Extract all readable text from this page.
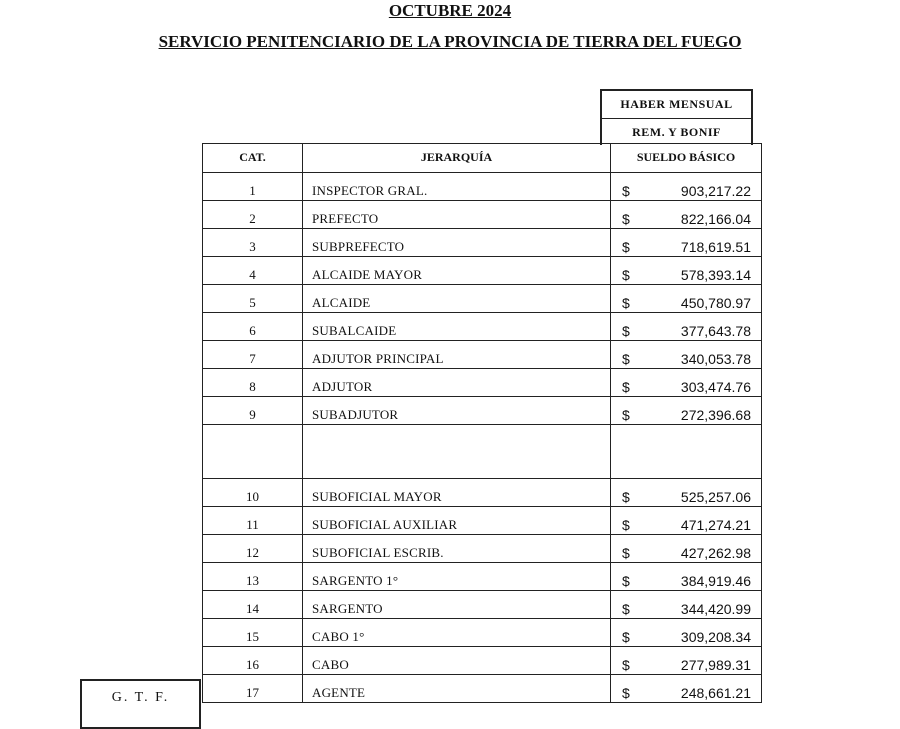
OCTUBRE 2024
SERVICIO PENITENCIARIO DE LA PROVINCIA DE TIERRA DEL FUEGO
HABER MENSUAL
REM. Y BONIF
CAT.	JERARQUÍA	SUELDO BÁSICO
1	INSPECTOR GRAL.	$ 903,217.22

2	PREFECTO	$ 822,166.04

3	SUBPREFECTO	$ 718,619.51

4	ALCAIDE MAYOR	$ 578,393.14

5	ALCAIDE	$ 450,780.97

6	SUBALCAIDE	$ 377,643.78

7	ADJUTOR PRINCIPAL	$ 340,053.78

8	ADJUTOR	$ 303,474.76

9	SUBADJUTOR	$ 272,396.68

10	SUBOFICIAL MAYOR	$ 525,257.06

11	SUBOFICIAL AUXILIAR	$ 471,274.21

12	SUBOFICIAL ESCRIB.	$ 427,262.98

13	SARGENTO 1°	$ 384,919.46

14	SARGENTO	$ 344,420.99

15	CABO 1°	$ 309,208.34

16	CABO	$ 277,989.31

17	AGENTE	$ 248,661.21
G. T. F.
